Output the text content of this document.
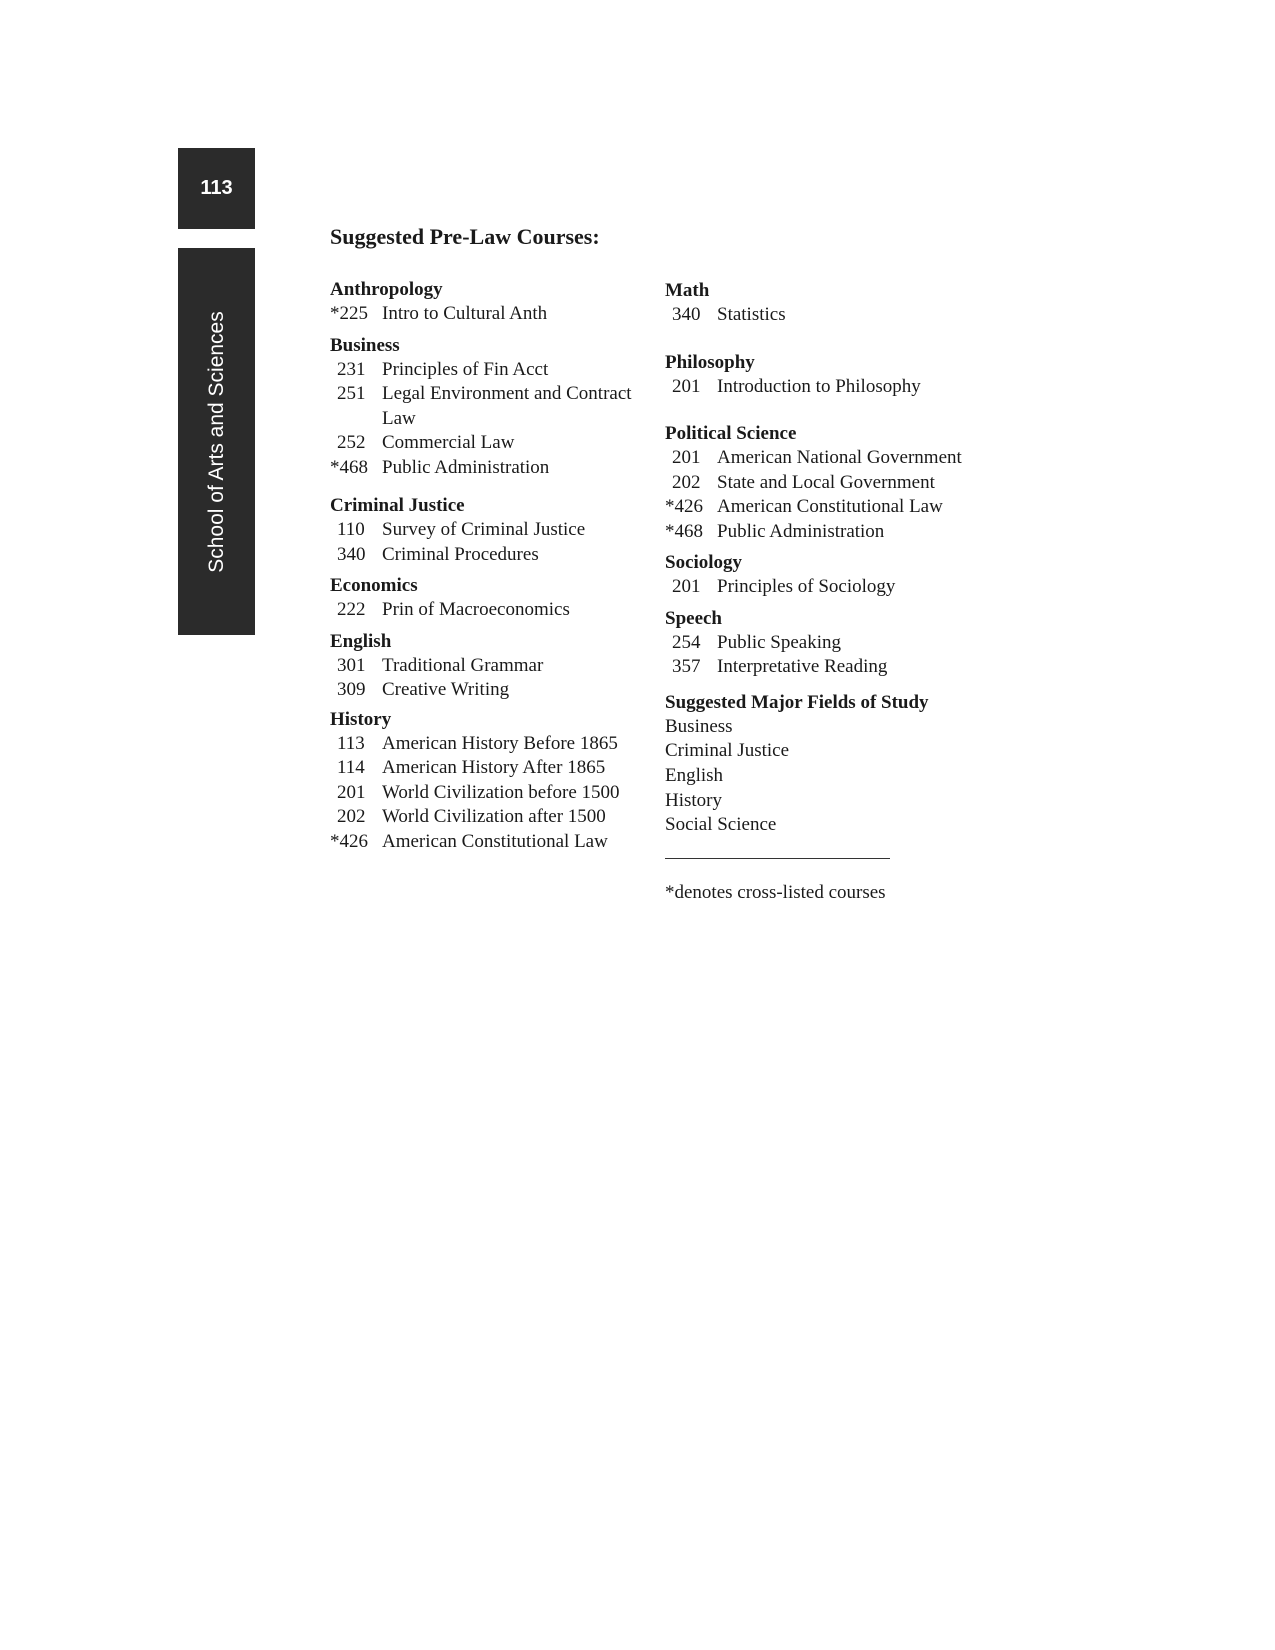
113
School of Arts and Sciences
Suggested Pre-Law Courses:
Anthropology
*225 Intro to Cultural Anth
Business
231 Principles of Fin Acct
251 Legal Environment and Contract Law
252 Commercial Law
*468 Public Administration
Criminal Justice
110 Survey of Criminal Justice
340 Criminal Procedures
Economics
222 Prin of Macroeconomics
English
301 Traditional Grammar
309 Creative Writing
History
113 American History Before 1865
114 American History After 1865
201 World Civilization before 1500
202 World Civilization after 1500
*426 American Constitutional Law
Math
340 Statistics
Philosophy
201 Introduction to Philosophy
Political Science
201 American National Government
202 State and Local Government
*426 American Constitutional Law
*468 Public Administration
Sociology
201 Principles of Sociology
Speech
254 Public Speaking
357 Interpretative Reading
Suggested Major Fields of Study
Business
Criminal Justice
English
History
Social Science
*denotes cross-listed courses
